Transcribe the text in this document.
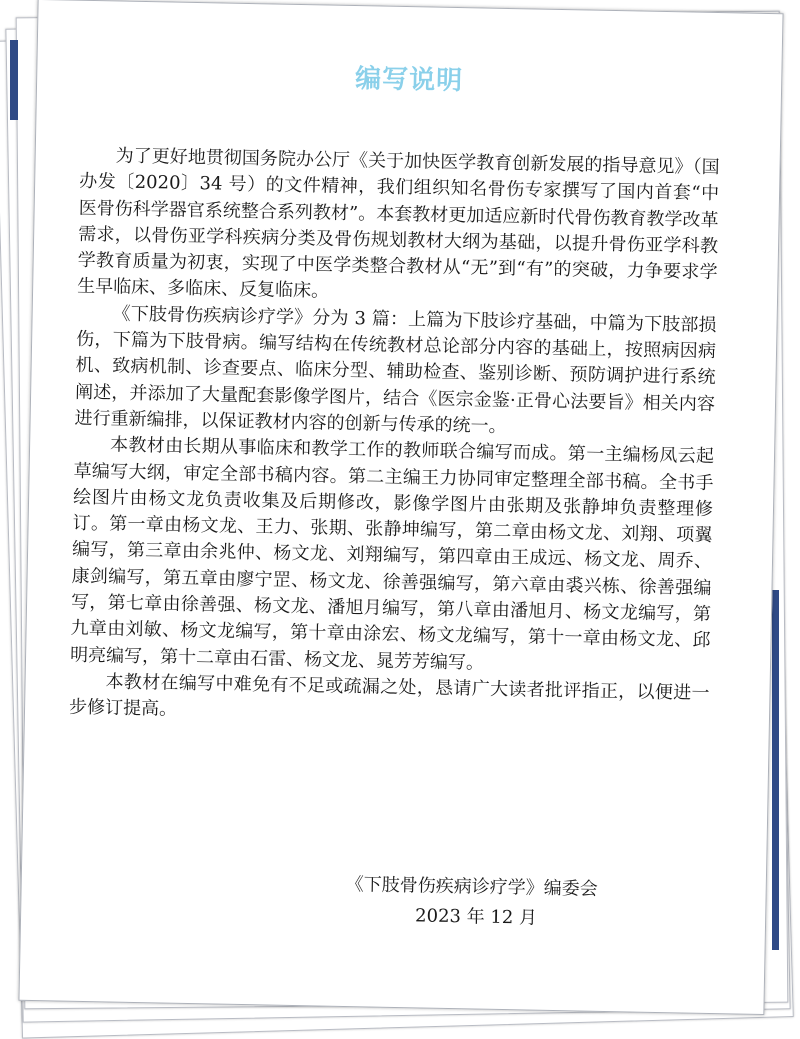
编写说明

为了更好地贯彻国务院办公厅《关于加快医学教育创新发展的指导意见》（国办发〔2020〕34 号）的文件精神，我们组织知名骨伤专家撰写了国内首套“中医骨伤科学器官系统整合系列教材”。本套教材更加适应新时代骨伤教育教学改革需求，以骨伤亚学科疾病分类及骨伤规划教材大纲为基础，以提升骨伤亚学科教学教育质量为初衷，实现了中医学类整合教材从“无”到“有”的突破，力争要求学生早临床、多临床、反复临床。

《下肢骨伤疾病诊疗学》分为 3 篇：上篇为下肢诊疗基础，中篇为下肢部损伤，下篇为下肢骨病。编写结构在传统教材总论部分内容的基础上，按照病因病机、致病机制、诊查要点、临床分型、辅助检查、鉴别诊断、预防调护进行系统阐述，并添加了大量配套影像学图片，结合《医宗金鉴·正骨心法要旨》相关内容进行重新编排，以保证教材内容的创新与传承的统一。

本教材由长期从事临床和教学工作的教师联合编写而成。第一主编杨凤云起草编写大纲，审定全部书稿内容。第二主编王力协同审定整理全部书稿。全书手绘图片由杨文龙负责收集及后期修改，影像学图片由张期及张静坤负责整理修订。第一章由杨文龙、王力、张期、张静坤编写，第二章由杨文龙、刘翔、项翼编写，第三章由余兆仲、杨文龙、刘翔编写，第四章由王成远、杨文龙、周乔、康剑编写，第五章由廖宁罡、杨文龙、徐善强编写，第六章由裘兴栋、徐善强编写，第七章由徐善强、杨文龙、潘旭月编写，第八章由潘旭月、杨文龙编写，第九章由刘敏、杨文龙编写，第十章由涂宏、杨文龙编写，第十一章由杨文龙、邱明亮编写，第十二章由石雷、杨文龙、晁芳芳编写。

本教材在编写中难免有不足或疏漏之处，恳请广大读者批评指正，以便进一步修订提高。

《下肢骨伤疾病诊疗学》编委会
2023 年 12 月
